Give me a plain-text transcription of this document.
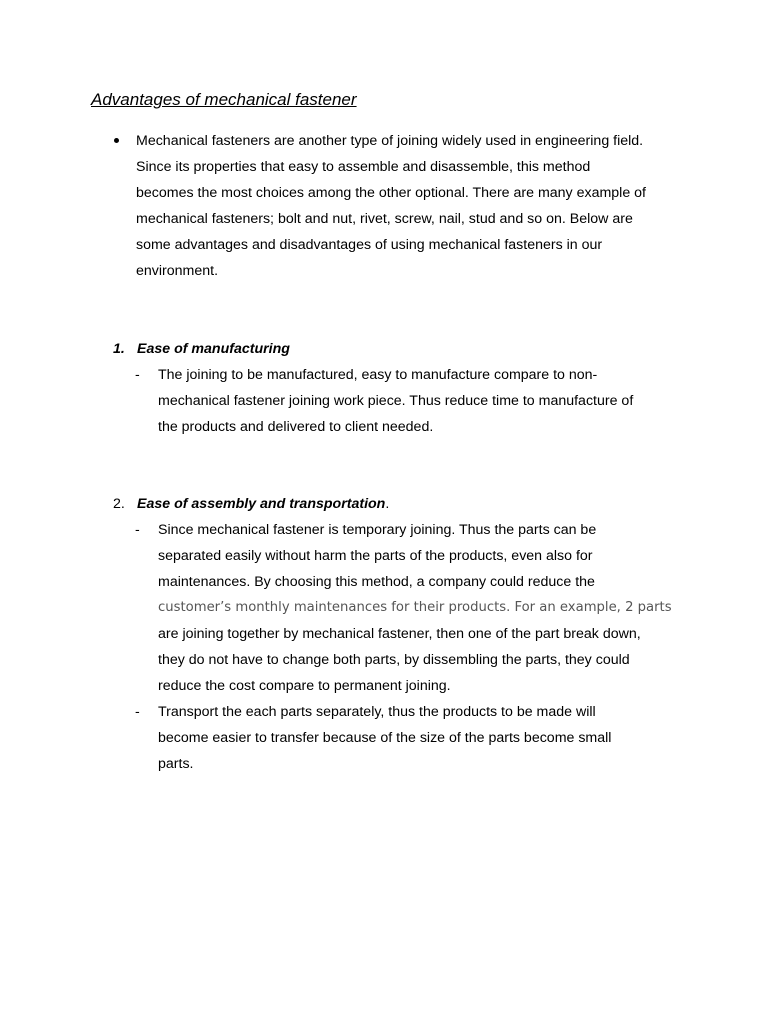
Advantages of mechanical fastener
Mechanical fasteners are another type of joining widely used in engineering field.
Since its properties that easy to assemble and disassemble, this method
becomes the most choices among the other optional. There are many example of
mechanical fasteners; bolt and nut, rivet, screw, nail, stud and so on. Below are
some advantages and disadvantages of using mechanical fasteners in our
environment.
1. Ease of manufacturing
- The joining to be manufactured, easy to manufacture compare to non-
mechanical fastener joining work piece. Thus reduce time to manufacture of
the products and delivered to client needed.
2. Ease of assembly and transportation.
- Since mechanical fastener is temporary joining. Thus the parts can be
separated easily without harm the parts of the products, even also for
maintenances. By choosing this method, a company could reduce the
customer’s monthly maintenances for their products. For an example, 2 parts
are joining together by mechanical fastener, then one of the part break down,
they do not have to change both parts, by dissembling the parts, they could
reduce the cost compare to permanent joining.
- Transport the each parts separately, thus the products to be made will
become easier to transfer because of the size of the parts become small
parts.
